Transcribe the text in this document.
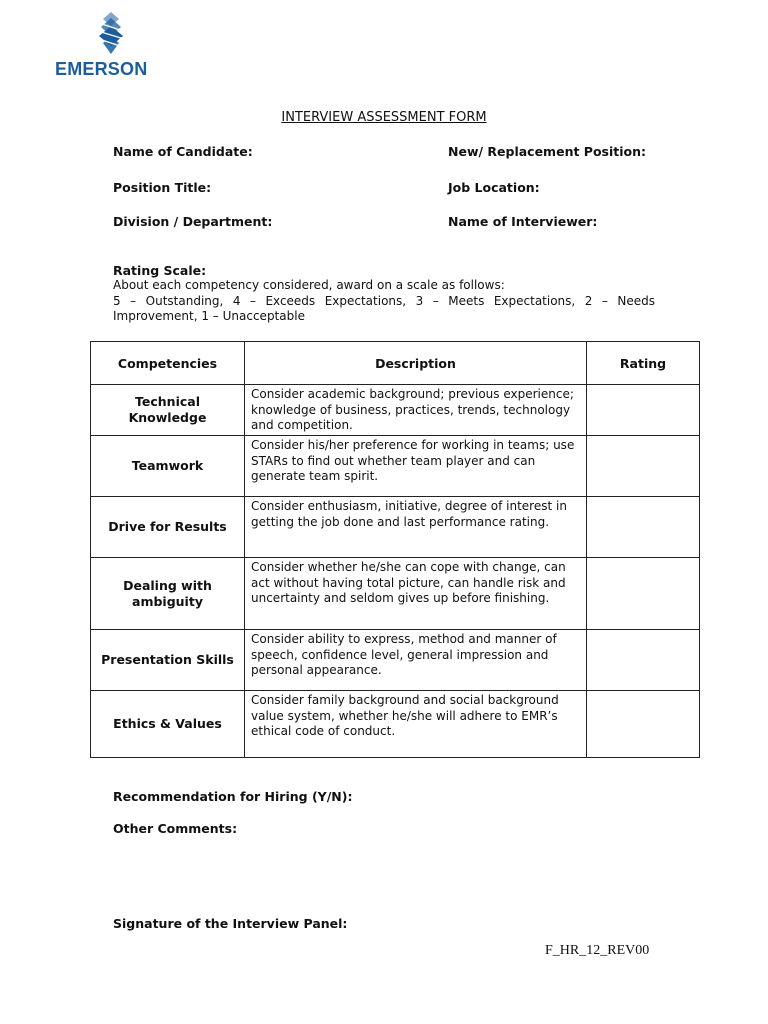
EMERSON
INTERVIEW ASSESSMENT FORM
Name of Candidate:	New/ Replacement Position:
Position Title:	Job Location:
Division / Department:	Name of Interviewer:
Rating Scale:
About each competency considered, award on a scale as follows:
5 – Outstanding, 4 – Exceeds Expectations, 3 – Meets Expectations, 2 – Needs Improvement, 1 – Unacceptable
Competencies	Description	Rating
Technical Knowledge	Consider academic background; previous experience; knowledge of business, practices, trends, technology and competition.	
Teamwork	Consider his/her preference for working in teams; use STARs to find out whether team player and can generate team spirit.	
Drive for Results	Consider enthusiasm, initiative, degree of interest in getting the job done and last performance rating.	
Dealing with ambiguity	Consider whether he/she can cope with change, can act without having total picture, can handle risk and uncertainty and seldom gives up before finishing.	
Presentation Skills	Consider ability to express, method and manner of speech, confidence level, general impression and personal appearance.	
Ethics & Values	Consider family background and social background value system, whether he/she will adhere to EMR’s ethical code of conduct.	
Recommendation for Hiring (Y/N):
Other Comments:
Signature of the Interview Panel:
F_HR_12_REV00
